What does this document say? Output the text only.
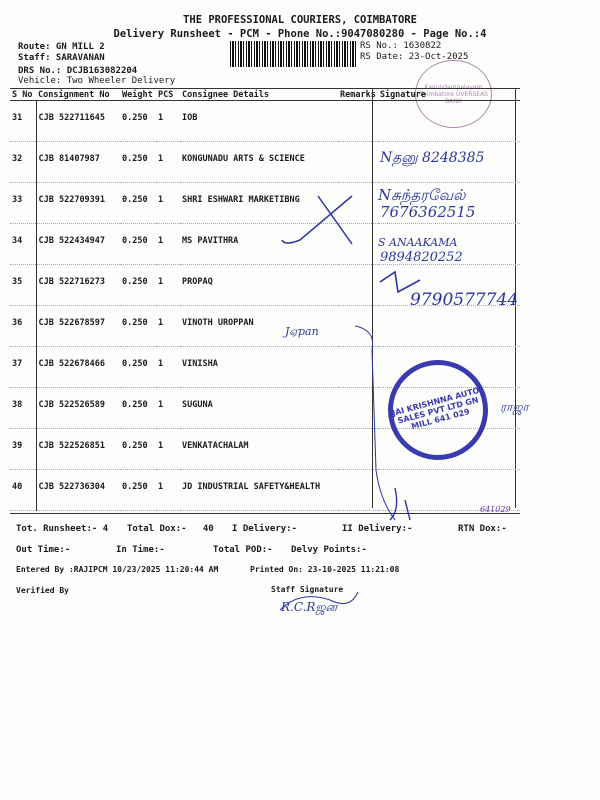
THE PROFESSIONAL COURIERS, COIMBATORE
Delivery Runsheet - PCM - Phone No.:9047080280 - Page No.:4
Route: GN MILL 2
Staff: SARAVANAN
DRS No.: DCJB163082204
Vehicle: Two Wheeler Delivery
RS No.: 1630822
RS Date: 23-Oct-2025
Kavundampalayam Coimbatore OVERSEAS BANK
S No	Consignment No	Weight	PCS	Consignee Details	Remarks	Signature
31	CJB 522711645	0.250	1	IOB		
32	CJB 81407987	0.250	1	KONGUNADU ARTS & SCIENCE		
33	CJB 522709391	0.250	1	SHRI ESHWARI MARKETIBNG		
34	CJB 522434947	0.250	1	MS PAVITHRA		
35	CJB 522716273	0.250	1	PROPAQ		
36	CJB 522678597	0.250	1	VINOTH UROPPAN		
37	CJB 522678466	0.250	1	VINISHA		
38	CJB 522526589	0.250	1	SUGUNA		
39	CJB 522526851	0.250	1	VENKATACHALAM		
40	CJB 522736304	0.250	1	JD INDUSTRIAL SAFETY&HEALTH		
Nதனு 8248385
Nசுந்தரவேல்
7676362515
S ANAAKAMA
9894820252
9790577744
Jஏpan
ராஜா
641029
JAI KRISHNNA AUTO SALES PVT LTD GN MILL 641 029
Tot. Runsheet:- 4 Total Dox:-   40 I Delivery:-	II Delivery:-	RTN Dox:-
Out Time:-	In Time:-	Total POD:- Delvy Points:-
Entered By :RAJIPCM 10/23/2025 11:20:44 AM	Printed On: 23-10-2025 11:21:08
Verified By	Staff Signature
R.C.Rஜன
